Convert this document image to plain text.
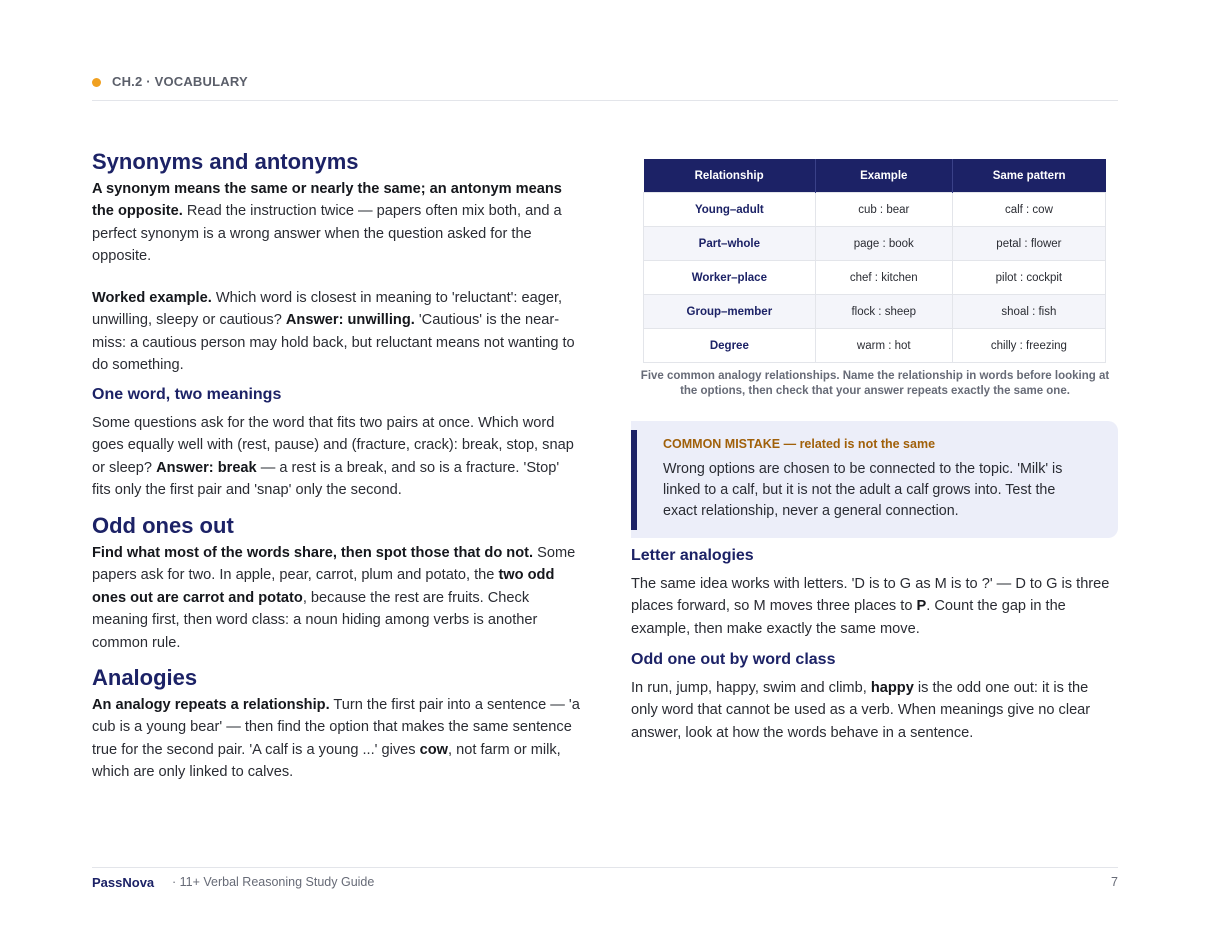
CH.2 · VOCABULARY
Synonyms and antonyms

A synonym means the same or nearly the same; an antonym means the opposite. Read the instruction twice — papers often mix both, and a perfect synonym is a wrong answer when the question asked for the opposite.

Worked example. Which word is closest in meaning to 'reluctant': eager, unwilling, sleepy or cautious? Answer: unwilling. 'Cautious' is the near-miss: a cautious person may hold back, but reluctant means not wanting to do something.

One word, two meanings

Some questions ask for the word that fits two pairs at once. Which word goes equally well with (rest, pause) and (fracture, crack): break, stop, snap or sleep? Answer: break — a rest is a break, and so is a fracture. 'Stop' fits only the first pair and 'snap' only the second.

Odd ones out

Find what most of the words share, then spot those that do not. Some papers ask for two. In apple, pear, carrot, plum and potato, the two odd ones out are carrot and potato, because the rest are fruits. Check meaning first, then word class: a noun hiding among verbs is another common rule.

Analogies

An analogy repeats a relationship. Turn the first pair into a sentence — 'a cub is a young bear' — then find the option that makes the same sentence true for the second pair. 'A calf is a young ...' gives cow, not farm or milk, which are only linked to calves.

Relationship	Example	Same pattern
Young–adult	cub : bear	calf : cow
Part–whole	page : book	petal : flower
Worker–place	chef : kitchen	pilot : cockpit
Group–member	flock : sheep	shoal : fish
Degree	warm : hot	chilly : freezing
Five common analogy relationships. Name the relationship in words before looking at the options, then check that your answer repeats exactly the same one.
COMMON MISTAKE — related is not the same
Wrong options are chosen to be connected to the topic. 'Milk' is linked to a calf, but it is not the adult a calf grows into. Test the exact relationship, never a general connection.
Letter analogies

The same idea works with letters. 'D is to G as M is to ?' — D to G is three places forward, so M moves three places to P. Count the gap in the example, then make exactly the same move.

Odd one out by word class

In run, jump, happy, swim and climb, happy is the odd one out: it is the only word that cannot be used as a verb. When meanings give no clear answer, look at how the words behave in a sentence.

PassNova · 11+ Verbal Reasoning Study Guide	7
